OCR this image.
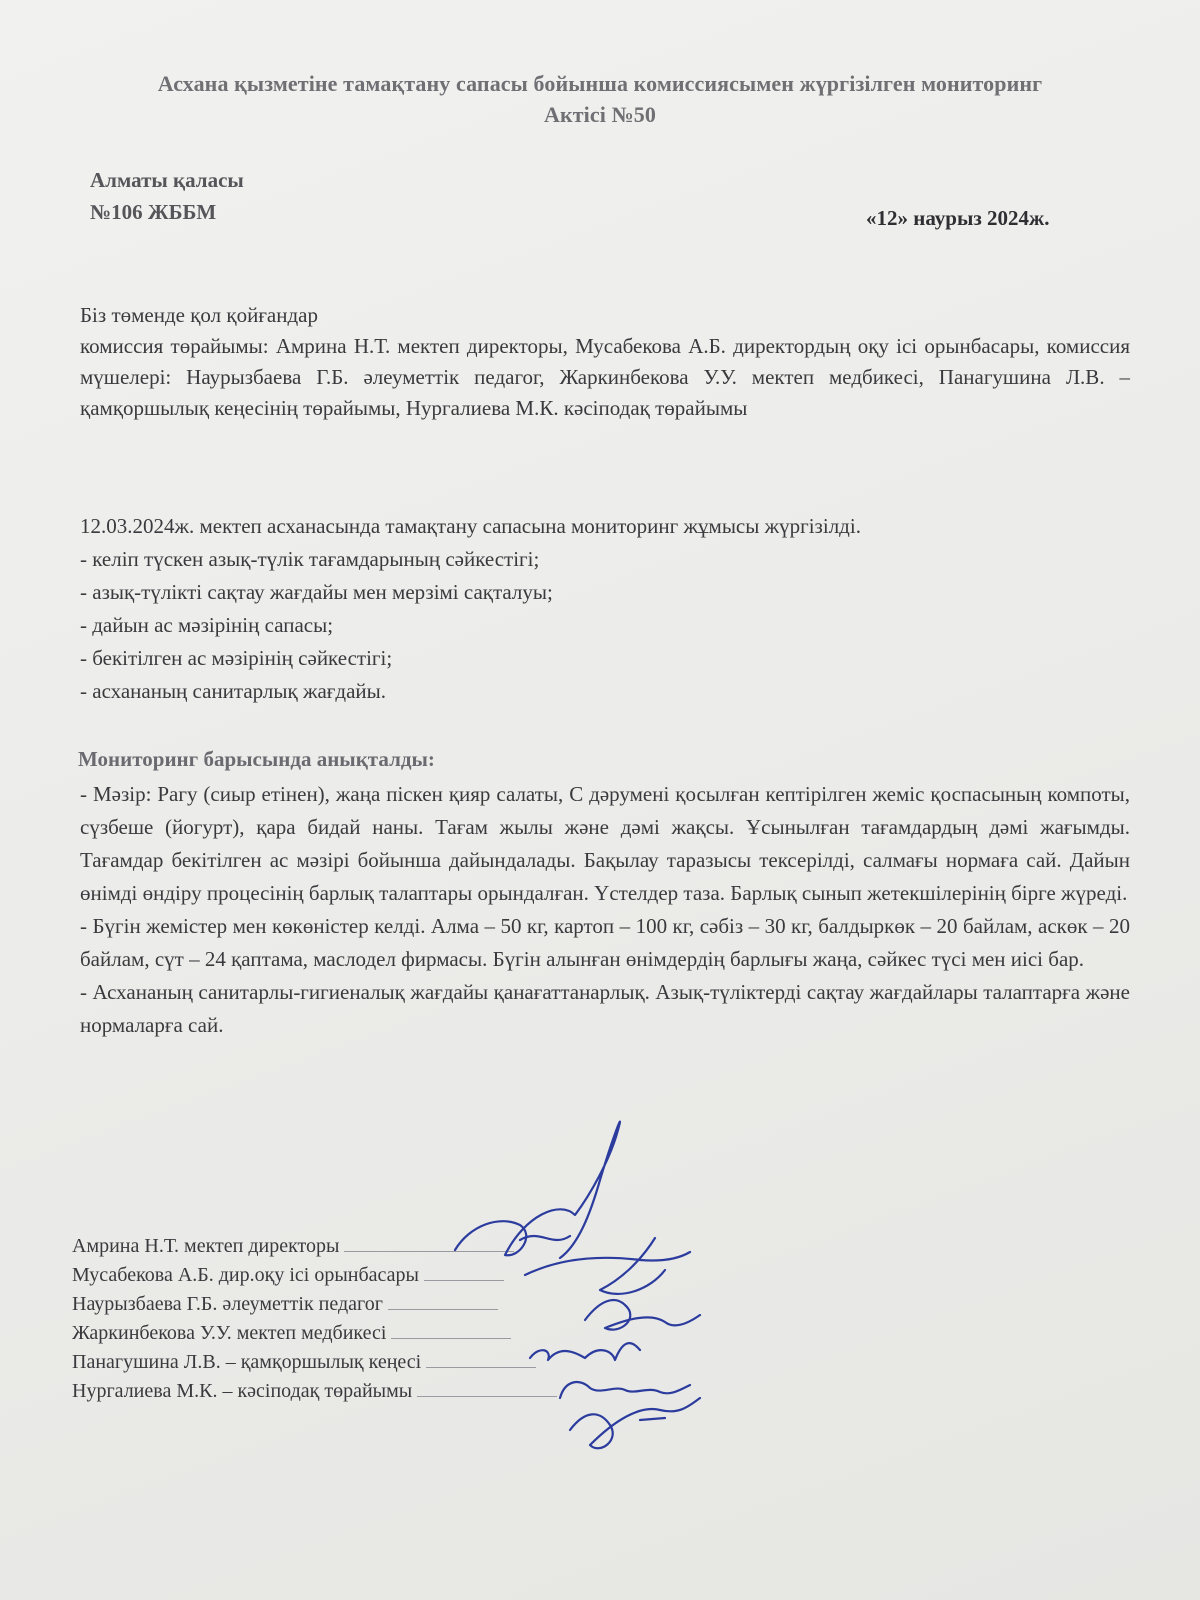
Асхана қызметіне тамақтану сапасы бойынша комиссиясымен жүргізілген мониторинг
Актісі №50
Алматы қаласы
№106 ЖББМ	«12» наурыз 2024ж.

Біз төменде қол қойғандар

комиссия төрайымы: Амрина Н.Т. мектеп директоры, Мусабекова А.Б. директордың оқу ісі орынбасары, комиссия мүшелері: Наурызбаева Г.Б. әлеуметтік педагог, Жаркинбекова У.У. мектеп медбикесі, Панагушина Л.В. – қамқоршылық кеңесінің төрайымы, Нургалиева М.К. кәсіподақ төрайымы

12.03.2024ж. мектеп асханасында тамақтану сапасына мониторинг жұмысы жүргізілді.

- келіп түскен азық-түлік тағамдарының сәйкестігі;

- азық-түлікті сақтау жағдайы мен мерзімі сақталуы;

- дайын ас мәзірінің сапасы;

- бекітілген ас мәзірінің сәйкестігі;

- асхананың санитарлық жағдайы.

Мониторинг барысында анықталды:

- Мәзір: Рагу (сиыр етінен), жаңа піскен қияр салаты, С дәрумені қосылған кептірілген жеміс қоспасының компоты, сүзбеше (йогурт), қара бидай наны. Тағам жылы және дәмі жақсы. Ұсынылған тағамдардың дәмі жағымды. Тағамдар бекітілген ас мәзірі бойынша дайындалады. Бақылау таразысы тексерілді, салмағы нормаға сай. Дайын өнімді өндіру процесінің барлық талаптары орындалған. Үстелдер таза. Барлық сынып жетекшілерінің бірге жүреді.

- Бүгін жемістер мен көкөністер келді. Алма – 50 кг, картоп – 100 кг, сәбіз – 30 кг, балдыркөк – 20 байлам, аскөк – 20 байлам, сүт – 24 қаптама, маслодел фирмасы. Бүгін алынған өнімдердің барлығы жаңа, сәйкес түсі мен иісі бар.

- Асхананың санитарлы-гигиеналық жағдайы қанағаттанарлық. Азық-түліктерді сақтау жағдайлары талаптарға және нормаларға сай.

Амрина Н.Т. мектеп директоры
Мусабекова А.Б. дир.оқу ісі орынбасары
Наурызбаева Г.Б. әлеуметтік педагог
Жаркинбекова У.У. мектеп медбикесі
Панагушина Л.В. – қамқоршылық кеңесі
Нургалиева М.К. – кәсіподақ төрайымы
